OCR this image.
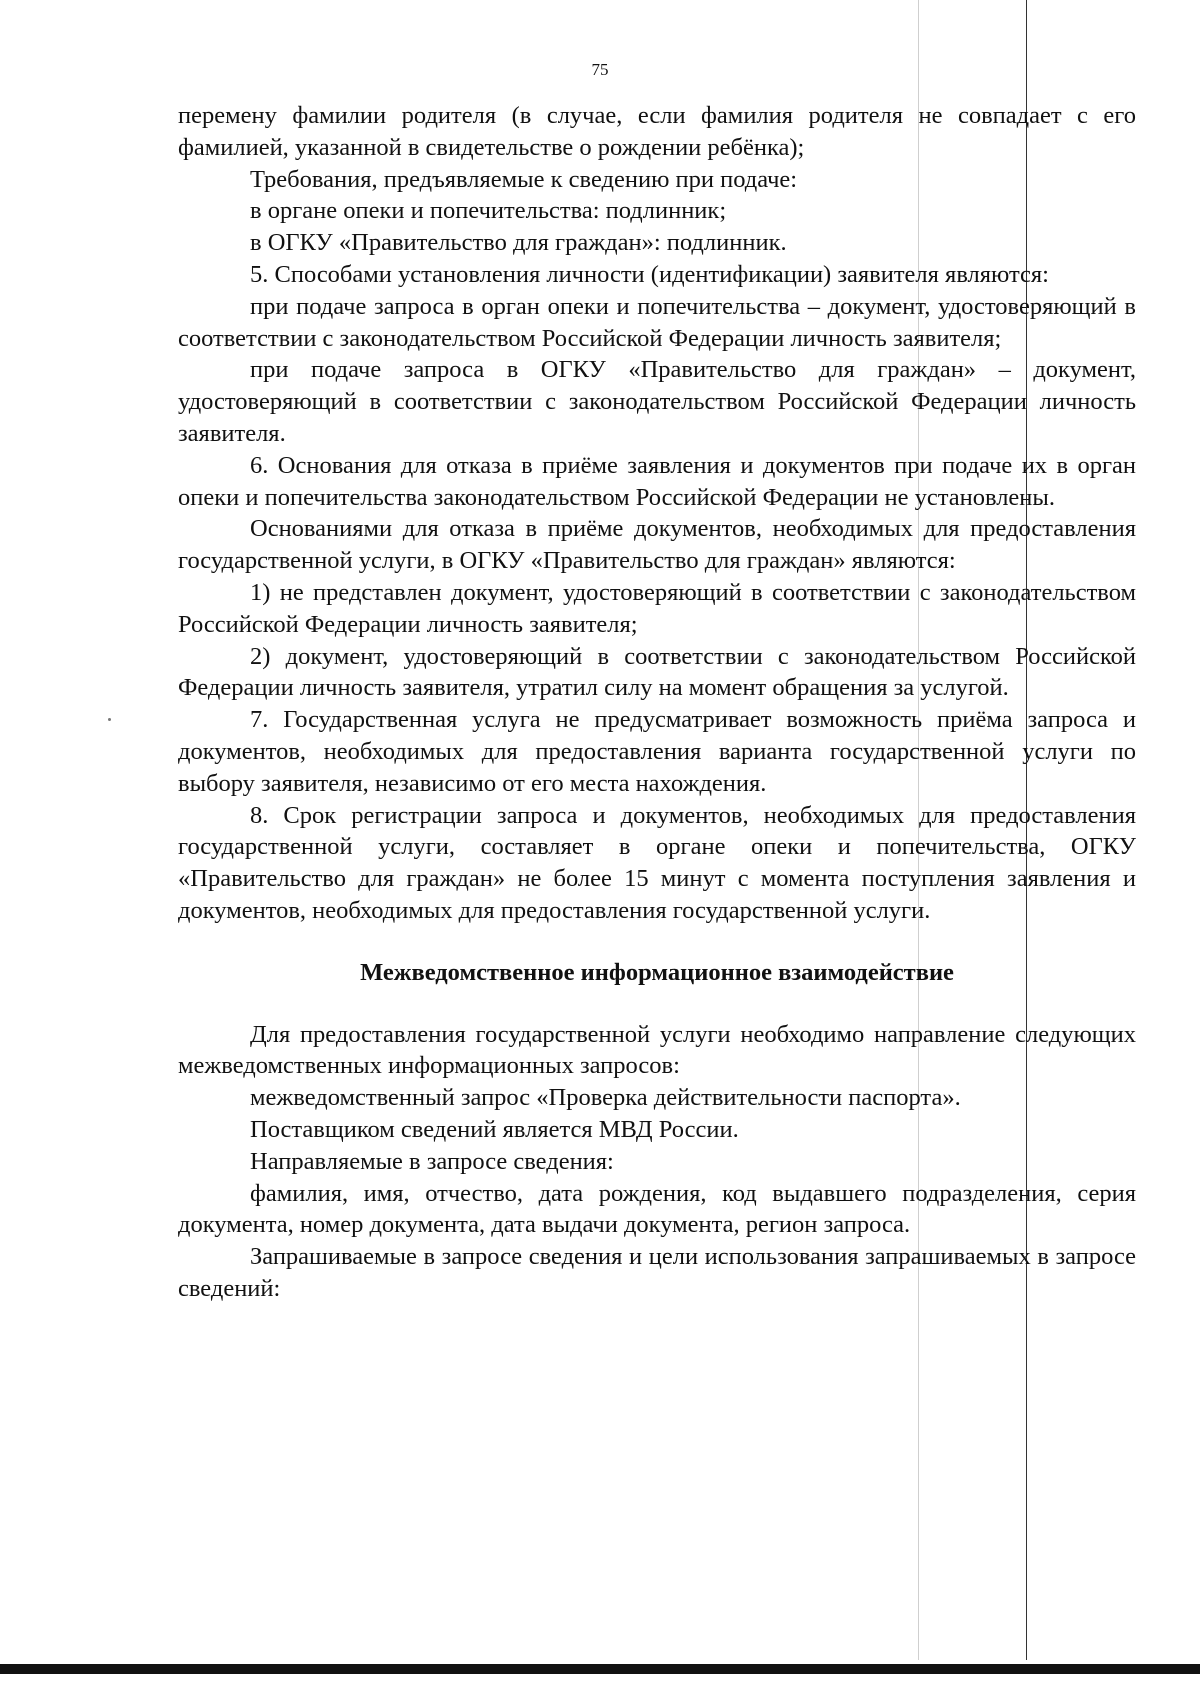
75

перемену фамилии родителя (в случае, если фамилия родителя не совпадает с его фамилией, указанной в свидетельстве о рождении ребёнка);

Требования, предъявляемые к сведению при подаче:

в органе опеки и попечительства: подлинник;

в ОГКУ «Правительство для граждан»: подлинник.

5. Способами установления личности (идентификации) заявителя являются:

при подаче запроса в орган опеки и попечительства – документ, удостоверяющий в соответствии с законодательством Российской Федерации личность заявителя;

при подаче запроса в ОГКУ «Правительство для граждан» – документ, удостоверяющий в соответствии с законодательством Российской Федерации личность заявителя.

6. Основания для отказа в приёме заявления и документов при подаче их в орган опеки и попечительства законодательством Российской Федерации не установлены.

Основаниями для отказа в приёме документов, необходимых для предоставления государственной услуги, в ОГКУ «Правительство для граждан» являются:

1) не представлен документ, удостоверяющий в соответствии с законодательством Российской Федерации личность заявителя;

2) документ, удостоверяющий в соответствии с законодательством Российской Федерации личность заявителя, утратил силу на момент обращения за услугой.

7. Государственная услуга не предусматривает возможность приёма запроса и документов, необходимых для предоставления варианта государственной услуги по выбору заявителя, независимо от его места нахождения.

8. Срок регистрации запроса и документов, необходимых для предоставления государственной услуги, составляет в органе опеки и попечительства, ОГКУ «Правительство для граждан» не более 15 минут с момента поступления заявления и документов, необходимых для предоставления государственной услуги.

Межведомственное информационное взаимодействие

Для предоставления государственной услуги необходимо направление следующих межведомственных информационных запросов:

межведомственный запрос «Проверка действительности паспорта».

Поставщиком сведений является МВД России.

Направляемые в запросе сведения:

фамилия, имя, отчество, дата рождения, код выдавшего подразделения, серия документа, номер документа, дата выдачи документа, регион запроса.

Запрашиваемые в запросе сведения и цели использования запрашиваемых в запросе сведений:
